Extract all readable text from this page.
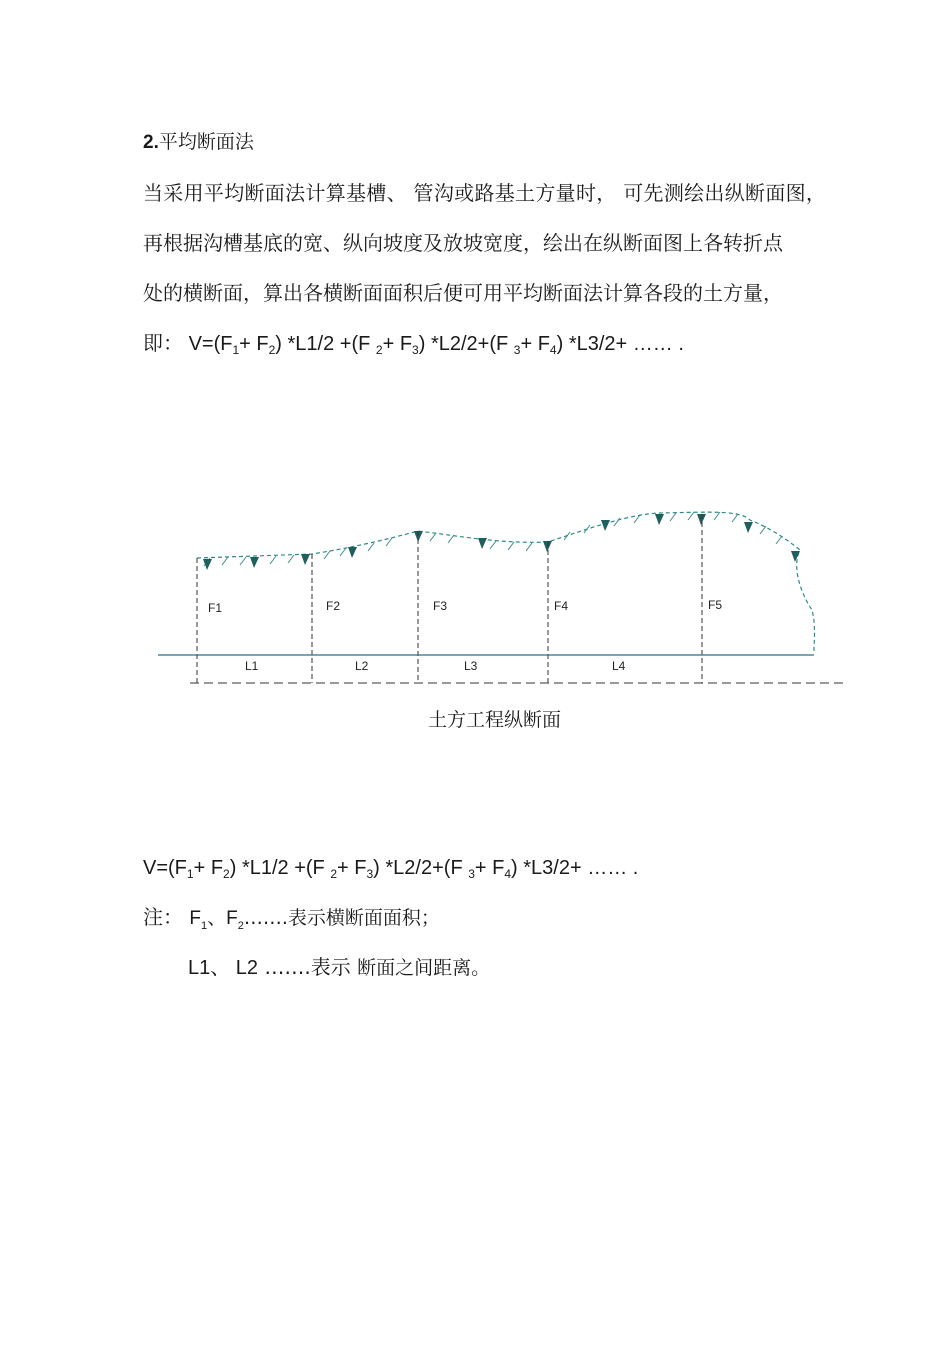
2.平均断面法
当采用平均断面法计算基槽、 管沟或路基土方量时， 可先测绘出纵断面图，
再根据沟槽基底的宽、纵向坡度及放坡宽度，绘出在纵断面图上各转折点
处的横断面，算出各横断面面积后便可用平均断面法计算各段的土方量，
即： $V=(F_1+ F_2)$ *L1/2 +(F $_2+ F_3$) *L2/2+(F $_3+ F_4$) *L3/2+ …… .
F1	F2	F3	F4	F5
L1	L2	L3	L4
土方工程纵断面
$V=(F_1+ F_2)$ *L1/2 +(F $_2+ F_3$) *L2/2+(F $_3+ F_4$) *L3/2+ …… .
注： $F_1$、$F_2\dots\dots$.表示横断面面积；
L1、 L2 …….表示 断面之间距离。
